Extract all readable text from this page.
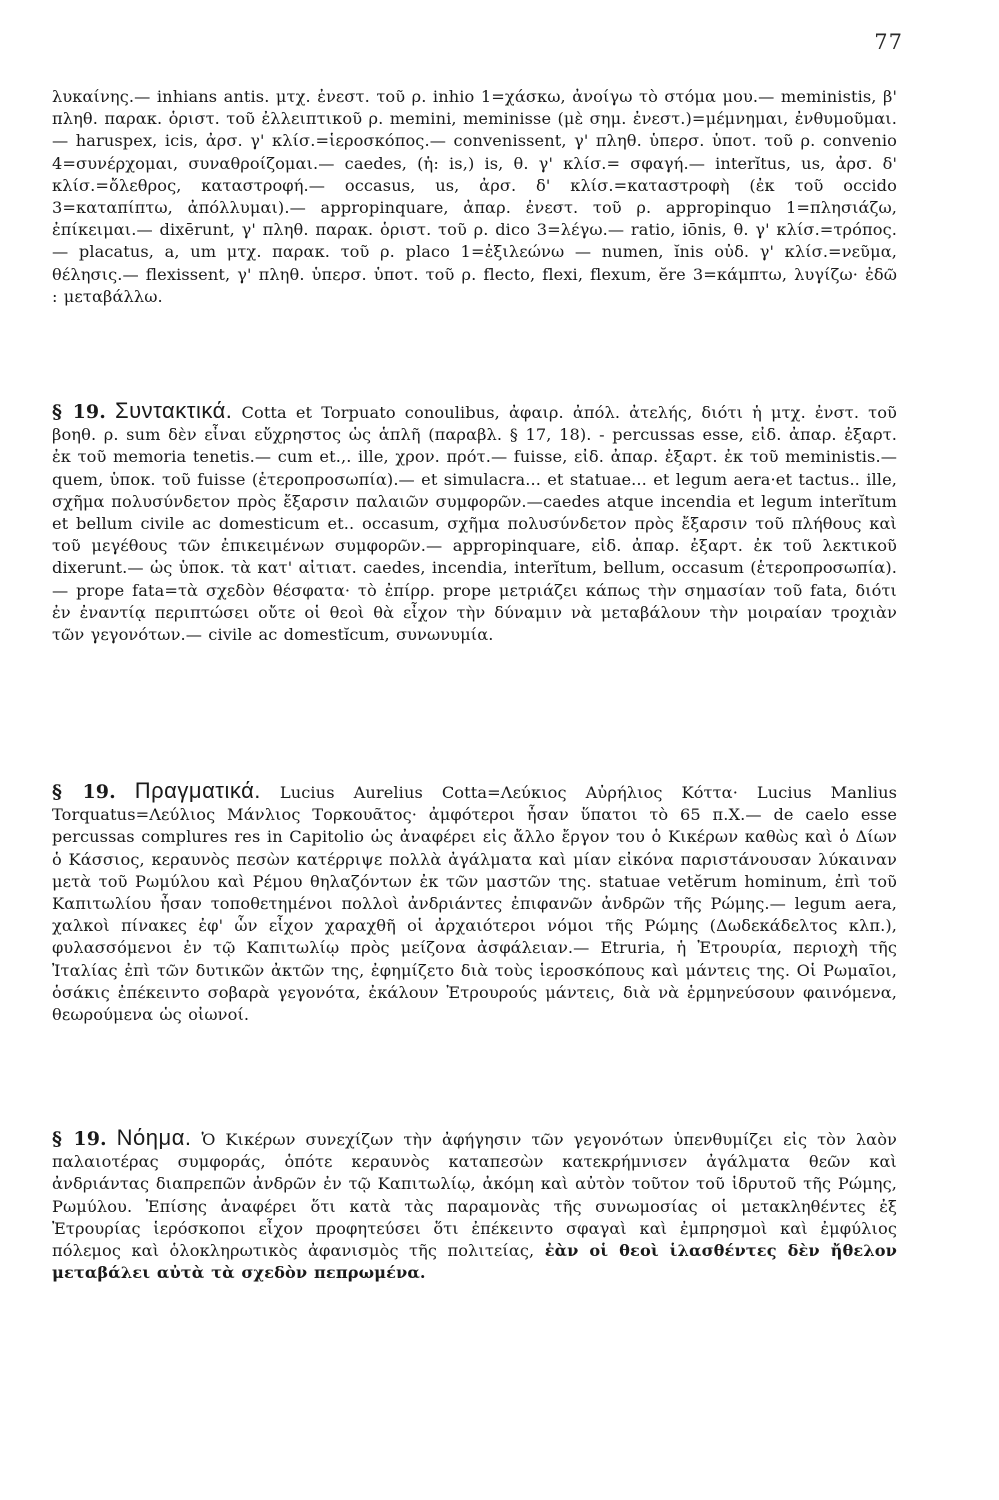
77
λυκαίνης.— inhians antis. μτχ. ἐνεστ. τοῦ ρ. inhio 1=χάσκω, ἀνοίγω τὸ στόμα μου.— meministis, β' πληθ. παρακ. ὁριστ. τοῦ ἐλλειπτικοῦ ρ. memini, meminisse (μὲ σημ. ἐνεστ.)=μέμνημαι, ἐνθυμοῦμαι.— haruspex, icis, ἀρσ. γ' κλίσ.=ἱεροσκόπος.— convenissent, γ' πληθ. ὑπερσ. ὑποτ. τοῦ ρ. convenio 4=συνέρχομαι, συναθροίζομαι.— caedes, (ἡ: is,) is, θ. γ' κλίσ.= σφαγή.— interĭtus, us, ἀρσ. δ' κλίσ.=ὄλεθρος, καταστροφή.— occasus, us, ἀρσ. δ' κλίσ.=καταστροφὴ (ἐκ τοῦ occido 3=καταπίπτω, ἀπόλλυμαι).— appropinquare, ἀπαρ. ἐνεστ. τοῦ ρ. appropinquo 1=πλησιάζω, ἐπίκειμαι.— dixērunt, γ' πληθ. παρακ. ὁριστ. τοῦ ρ. dico 3=λέγω.— ratio, iōnis, θ. γ' κλίσ.=τρόπος.— placatus, a, um μτχ. παρακ. τοῦ ρ. placo 1=ἐξιλεώνω — numen, ĭnis οὐδ. γ' κλίσ.=νεῦμα, θέλησις.— flexissent, γ' πληθ. ὑπερσ. ὑποτ. τοῦ ρ. flecto, flexi, flexum, ĕre 3=κάμπτω, λυγίζω· ἐδῶ : μεταβάλλω.
§ 19. Συντακτικά. Cotta et Torpuato conoulibus, ἀφαιρ. ἀπόλ. ἀτελής, διότι ἡ μτχ. ἐνστ. τοῦ βοηθ. ρ. sum δὲν εἶναι εὔχρηστος ὡς ἁπλῆ (παραβλ. § 17, 18). - percussas esse, εἰδ. ἀπαρ. ἐξαρτ. ἐκ τοῦ memoria tenetis.— cum et.,. ille, χρον. πρότ.— fuisse, εἰδ. ἀπαρ. ἐξαρτ. ἐκ τοῦ meministis.— quem, ὑποκ. τοῦ fuisse (ἑτεροπροσωπία).— et simulacra... et statuae... et legum aera·et tactus.. ille, σχῆμα πολυσύνδετον πρὸς ἔξαρσιν παλαιῶν συμφορῶν.—caedes atque incendia et legum interĭtum et bellum civile ac domesticum et.. occasum, σχῆμα πολυσύνδετον πρὸς ἔξαρσιν τοῦ πλήθους καὶ τοῦ μεγέθους τῶν ἐπικειμένων συμφορῶν.— appropinquare, εἰδ. ἀπαρ. ἐξαρτ. ἐκ τοῦ λεκτικοῦ dixerunt.— ὡς ὑποκ. τὰ κατ' αἰτιατ. caedes, incendia, interĭtum, bellum, occasum (ἑτεροπροσωπία).— prope fata=τὰ σχεδὸν θέσφατα· τὸ ἐπίρρ. prope μετριάζει κάπως τὴν σημασίαν τοῦ fata, διότι ἐν ἐναντίᾳ περιπτώσει οὔτε οἱ θεοὶ θὰ εἶχον τὴν δύναμιν νὰ μεταβάλουν τὴν μοιραίαν τροχιὰν τῶν γεγονότων.— civile ac domestĭcum, συνωνυμία.
§ 19. Πραγματικά. Lucius Aurelius Cotta=Λεύκιος Αὐρήλιος Κόττα· Lucius Manlius Torquatus=Λεύλιος Μάνλιος Τορκουᾶτος· ἀμφότεροι ἦσαν ὕπατοι τὸ 65 π.Χ.— de caelo esse percussas complures res in Capitolio ὡς ἀναφέρει εἰς ἄλλο ἔργον του ὁ Κικέρων καθὼς καὶ ὁ Δίων ὁ Κάσσιος, κεραυνὸς πεσὼν κατέρριψε πολλὰ ἀγάλματα καὶ μίαν εἰκόνα παριστάνουσαν λύκαιναν μετὰ τοῦ Ρωμύλου καὶ Ρέμου θηλαζόντων ἐκ τῶν μαστῶν της. statuae vetĕrum hominum, ἐπὶ τοῦ Καπιτωλίου ἦσαν τοποθετημένοι πολλοὶ ἀνδριάντες ἐπιφανῶν ἀνδρῶν τῆς Ρώμης.— legum aera, χαλκοὶ πίνακες ἐφ' ὧν εἶχον χαραχθῆ οἱ ἀρχαιότεροι νόμοι τῆς Ρώμης (Δωδεκάδελτος κλπ.), φυλασσόμενοι ἐν τῷ Καπιτωλίῳ πρὸς μείζονα ἀσφάλειαν.— Etruria, ἡ Ἐτρουρία, περιοχὴ τῆς Ἰταλίας ἐπὶ τῶν δυτικῶν ἀκτῶν της, ἐφημίζετο διὰ τοὺς ἱεροσκόπους καὶ μάντεις της. Οἱ Ρωμαῖοι, ὁσάκις ἐπέκειντο σοβαρὰ γεγονότα, ἐκάλουν Ἐτρουρούς μάντεις, διὰ νὰ ἑρμηνεύσουν φαινόμενα, θεωρούμενα ὡς οἰωνοί.
§ 19. Νόημα. Ὁ Κικέρων συνεχίζων τὴν ἀφήγησιν τῶν γεγονότων ὑπενθυμίζει εἰς τὸν λαὸν παλαιοτέρας συμφοράς, ὁπότε κεραυνὸς καταπεσὼν κατεκρήμνισεν ἀγάλματα θεῶν καὶ ἀνδριάντας διαπρεπῶν ἀνδρῶν ἐν τῷ Καπιτωλίῳ, ἀκόμη καὶ αὐτὸν τοῦτον τοῦ ἱδρυτοῦ τῆς Ρώμης, Ρωμύλου. Ἐπίσης ἀναφέρει ὅτι κατὰ τὰς παραμονὰς τῆς συνωμοσίας οἱ μετακληθέντες ἐξ Ἐτρουρίας ἱερόσκοποι εἶχον προφητεύσει ὅτι ἐπέκειντο σφαγαὶ καὶ ἐμπρησμοὶ καὶ ἐμφύλιος πόλεμος καὶ ὁλοκληρωτικὸς ἀφανισμὸς τῆς πολιτείας, ἐὰν οἱ θεοὶ ἱλασθέντες δὲν ἤθελον μεταβάλει αὐτὰ τὰ σχεδὸν πεπρωμένα.
